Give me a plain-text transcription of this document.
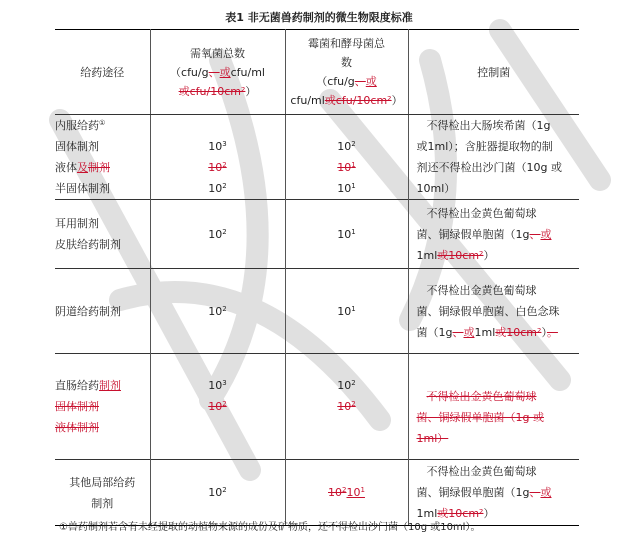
表1 非无菌兽药制剂的微生物限度标准
给药途径	需氧菌总数
（cfu/g、或cfu/ml
或cfu/10cm²）	霉菌和酵母菌总
数
（cfu/g、或
cfu/ml或cfu/10cm²）	控制菌

内服给药①
固体制剂
液体及制剂
半固体制剂	$10^3$
$10^2$
$10^2$	$10^2$
$10^1$
$10^1$	不得检出大肠埃希菌（1g
或1ml）；含脏器提取物的制
剂还不得检出沙门菌（10g 或
10ml）

耳用制剂
皮肤给药制剂	$10^2$	$10^1$	不得检出金黄色葡萄球
菌、铜绿假单胞菌（1g、或
1ml或10cm²）

阴道给药制剂	$10^2$	$10^1$	不得检出金黄色葡萄球
菌、铜绿假单胞菌、白色念珠
菌（1g、或1ml或10cm²）。

直肠给药制剂
固体制剂
液体制剂	$10^3$
$10^2$	$10^2$
$10^2$	不得检出金黄色葡萄球
菌、铜绿假单胞菌（1g 或
1ml）

其他局部给药
制剂	$10^2$	$10^210^1$	不得检出金黄色葡萄球
菌、铜绿假单胞菌（1g、或
1ml或10cm²）
①兽药制剂若含有未经提取的动植物来源的成份及矿物质，还不得检出沙门菌（10g 或10ml）。
